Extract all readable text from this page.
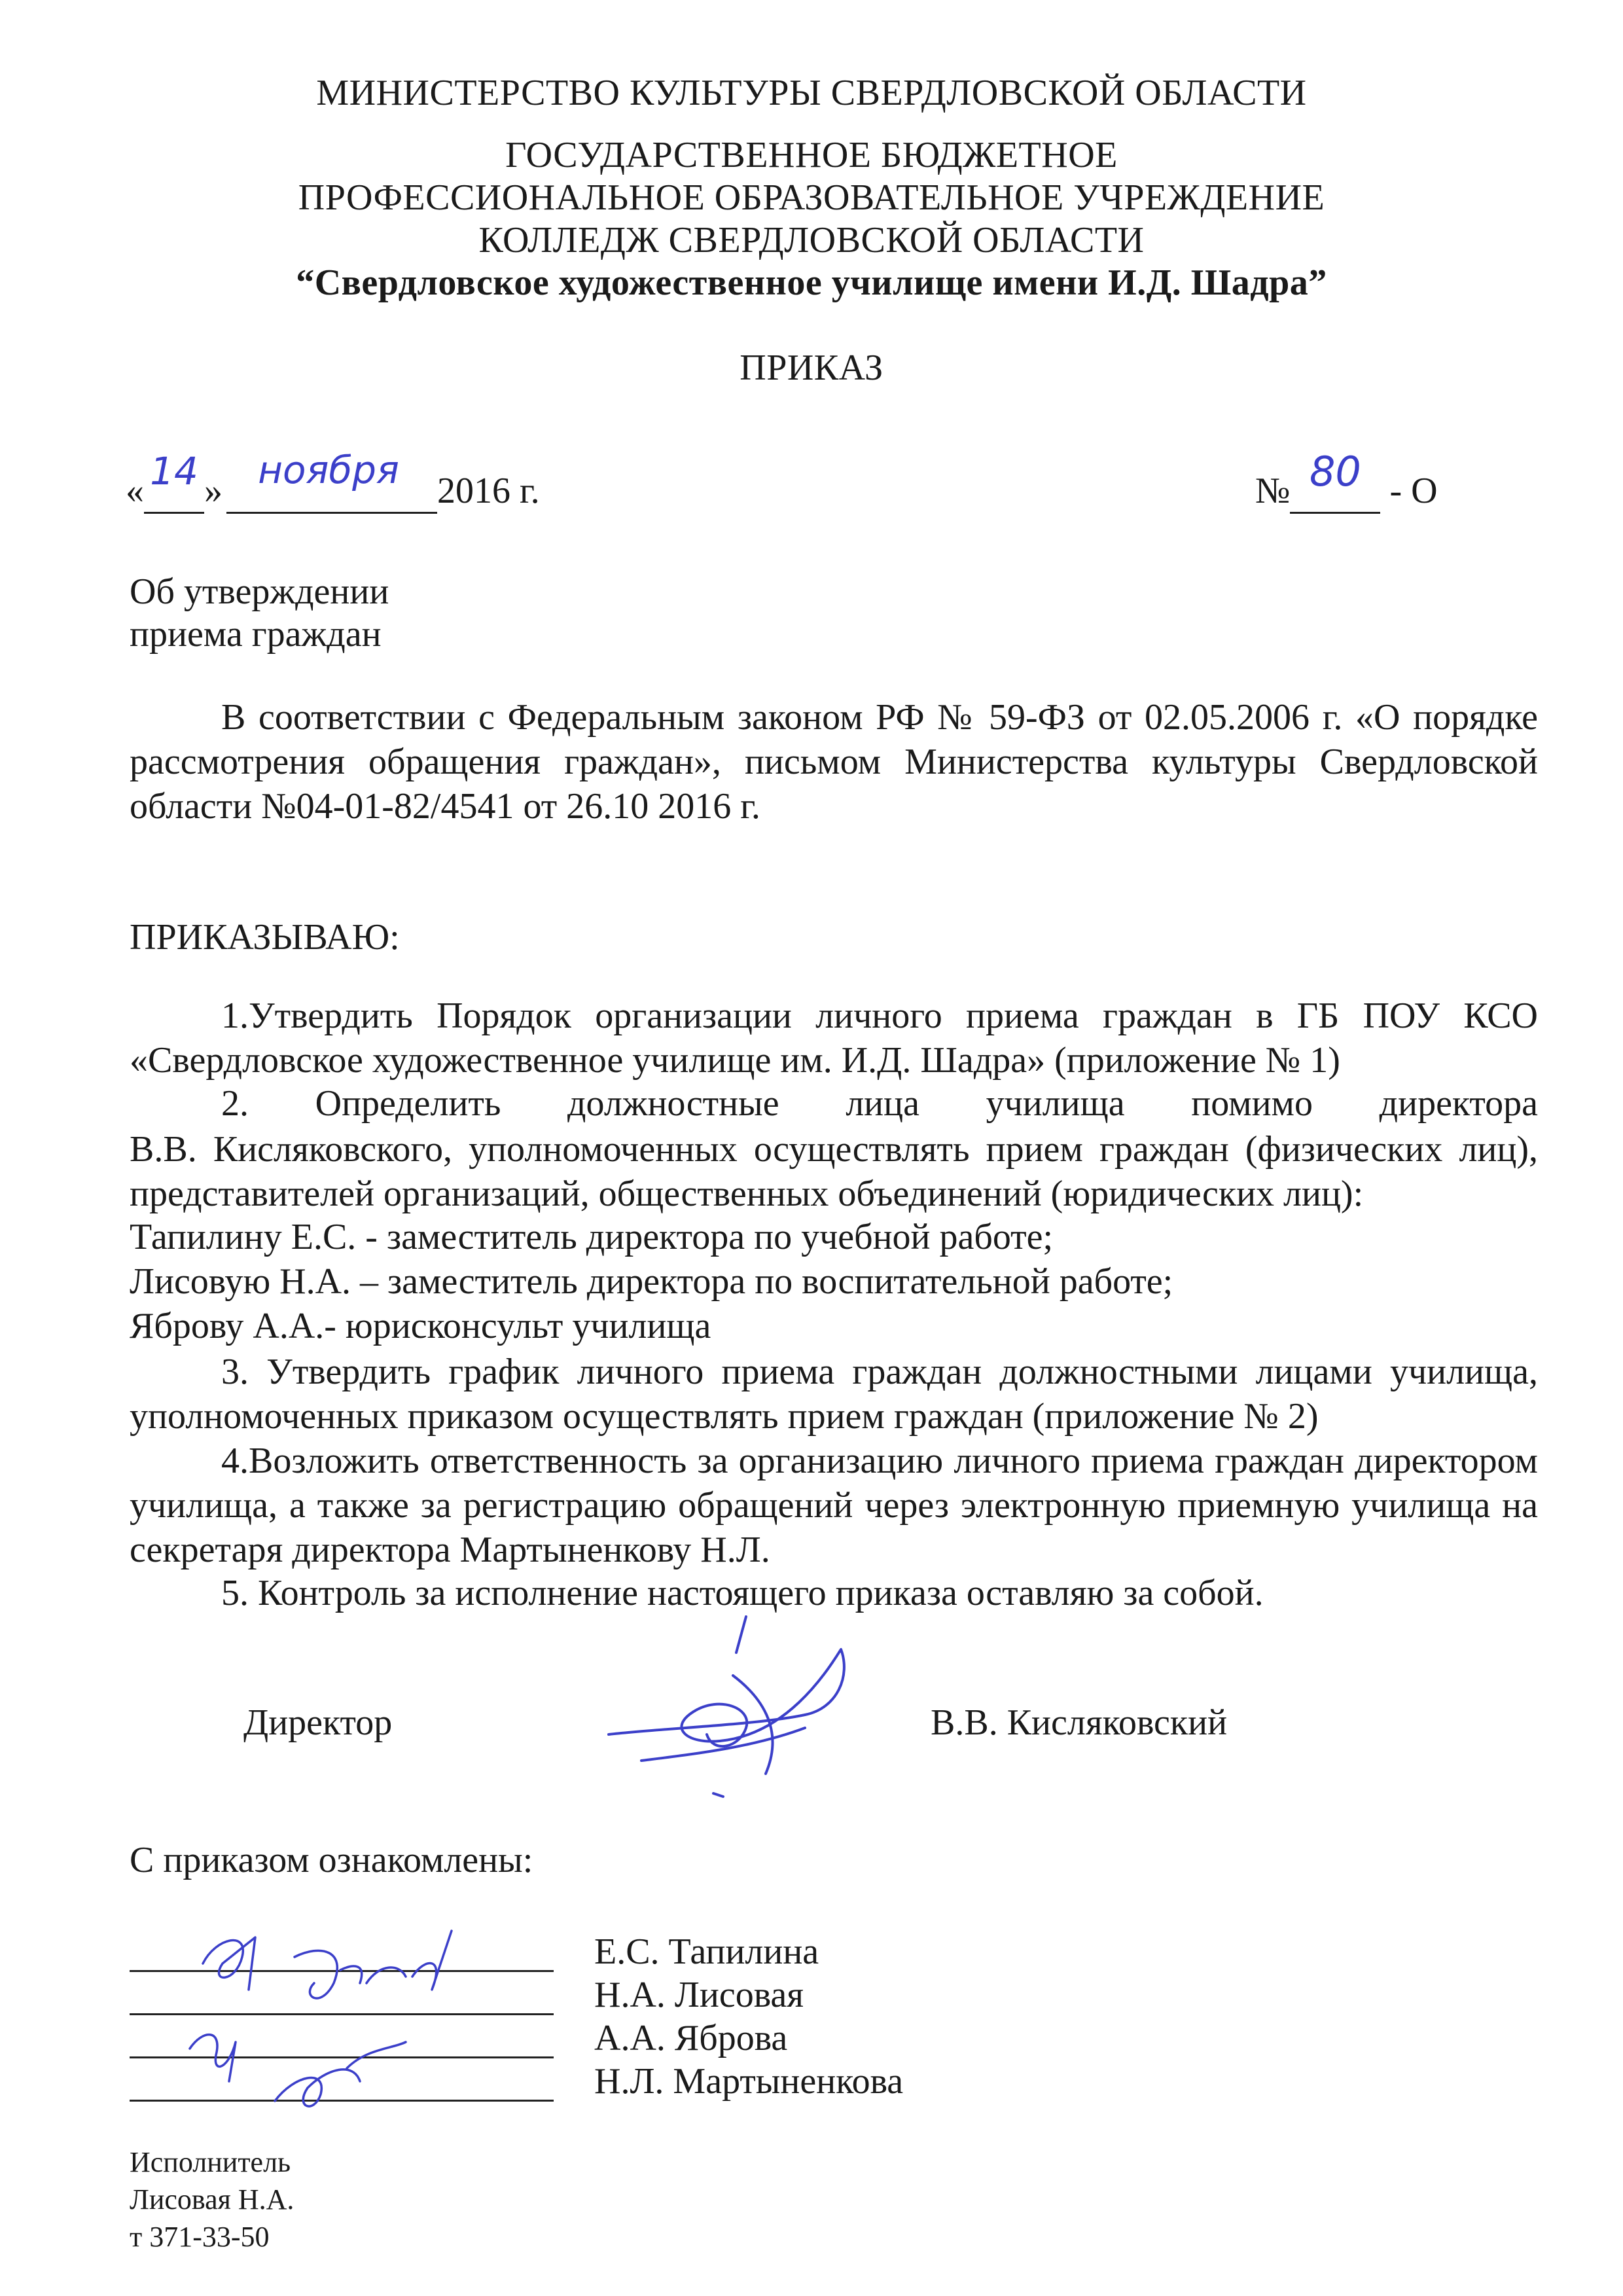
МИНИСТЕРСТВО КУЛЬТУРЫ СВЕРДЛОВСКОЙ ОБЛАСТИ
ГОСУДАРСТВЕННОЕ БЮДЖЕТНОЕ
ПРОФЕССИОНАЛЬНОЕ ОБРАЗОВАТЕЛЬНОЕ УЧРЕЖДЕНИЕ
КОЛЛЕДЖ СВЕРДЛОВСКОЙ ОБЛАСТИ
“Свердловское художественное училище имени И.Д. Шадра”
ПРИКАЗ
« 14 » ноября	2016 г.	№ 80 - О
Об утверждении
приема граждан
В соответствии с Федеральным законом РФ № 59-ФЗ от 02.05.2006 г. «О порядке рассмотрения обращения граждан», письмом Министерства культуры Свердловской области №04-01-82/4541 от 26.10 2016 г.
ПРИКАЗЫВАЮ:
1.Утвердить Порядок организации личного приема граждан в ГБ ПОУ КСО «Свердловское художественное училище им. И.Д. Шадра» (приложение № 1)
2. Определить должностные лица училища помимо директора
В.В. Кисляковского, уполномоченных осуществлять прием граждан (физических лиц), представителей организаций, общественных объединений (юридических лиц):
Тапилину Е.С. - заместитель директора по учебной работе;
Лисовую Н.А. – заместитель директора по воспитательной работе;
Яброву А.А.- юрисконсульт училища
3. Утвердить график личного приема граждан должностными лицами училища, уполномоченных приказом осуществлять прием граждан (приложение № 2)
4.Возложить ответственность за организацию личного приема граждан директором училища, а также за регистрацию обращений через электронную приемную училища на секретаря директора Мартыненкову Н.Л.
5. Контроль за исполнение настоящего приказа оставляю за собой.
Директор	В.В. Кисляковский
С приказом ознакомлены:
Е.С. Тапилина
Н.А. Лисовая
А.А. Яброва
Н.Л. Мартыненкова
Исполнитель
Лисовая Н.А.
т 371-33-50
